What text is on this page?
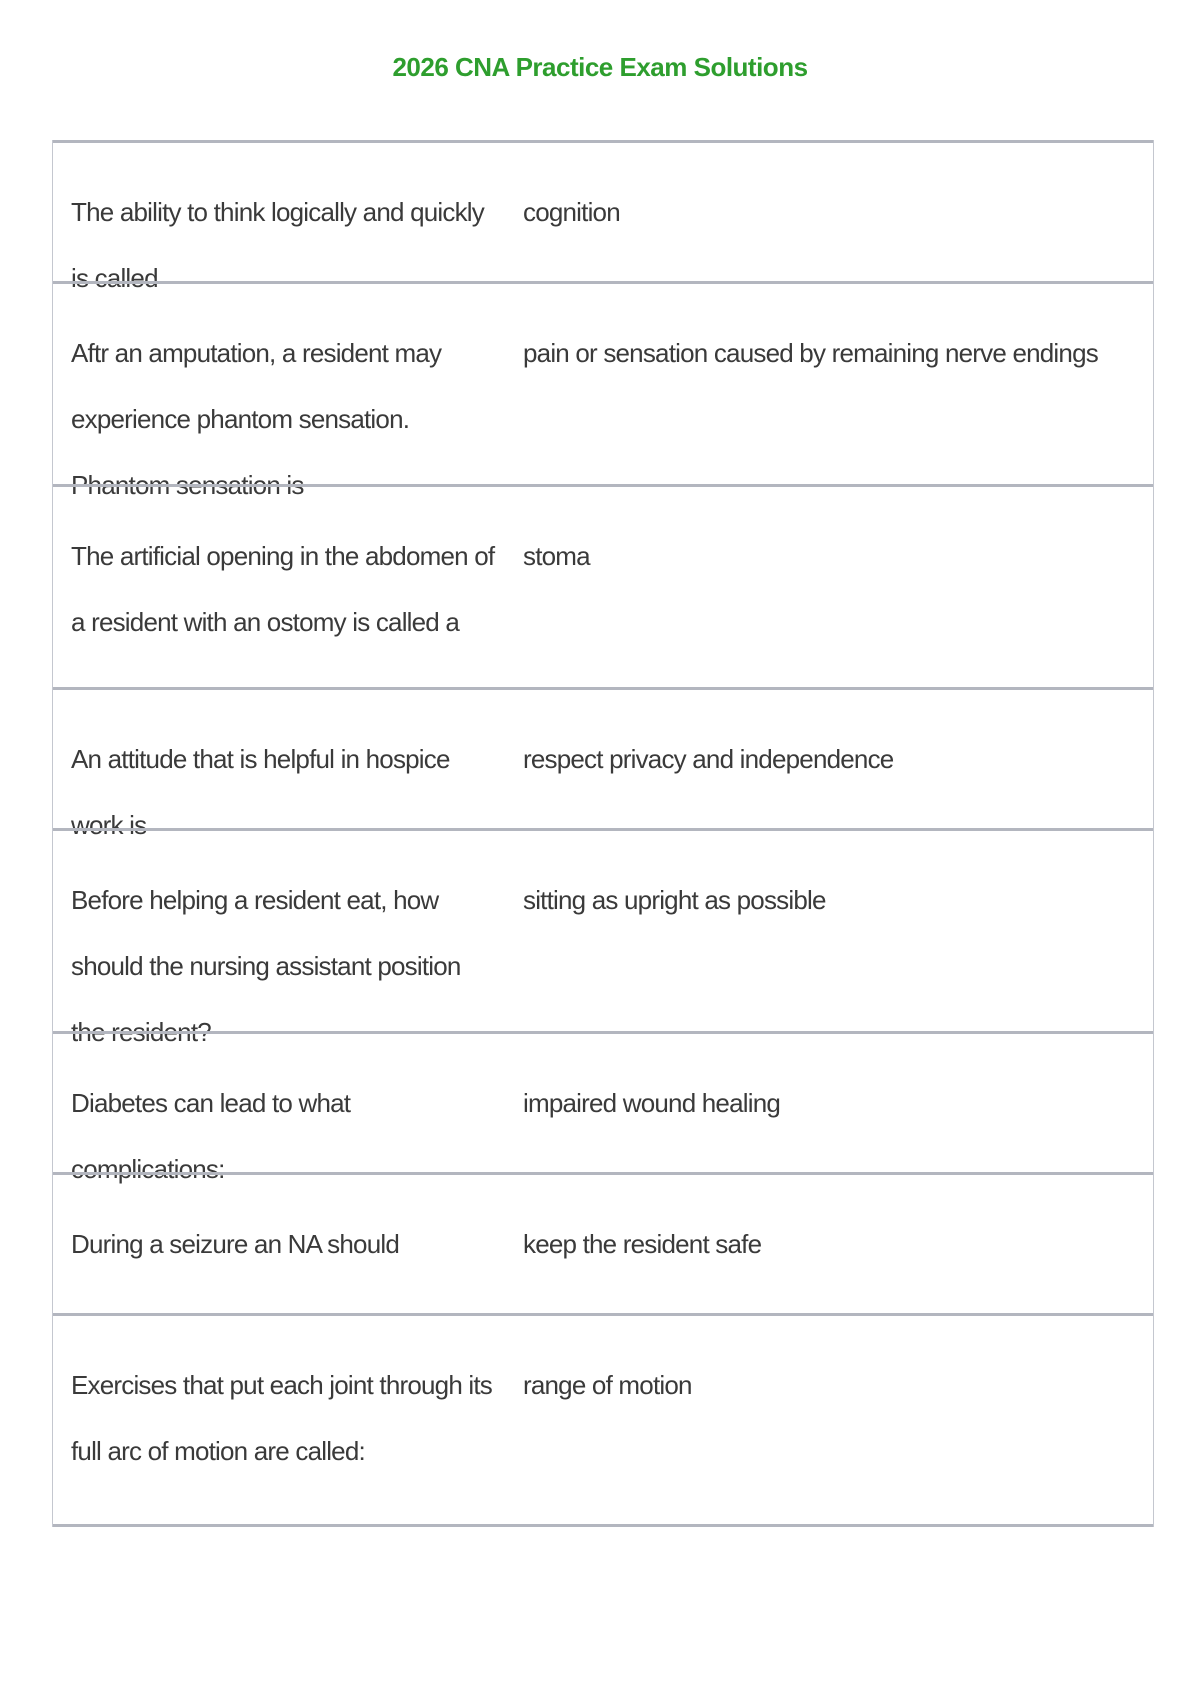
2026 CNA Practice Exam Solutions
The ability to think logically and quickly is called
cognition
Aftr an amputation, a resident may experience phantom sensation. Phantom sensation is
pain or sensation caused by remaining nerve endings
The artificial opening in the abdomen of a resident with an ostomy is called a
stoma
An attitude that is helpful in hospice work is
respect privacy and independence
Before helping a resident eat, how should the nursing assistant position the resident?
sitting as upright as possible
Diabetes can lead to what complications:
impaired wound healing
During a seizure an NA should	keep the resident safe
Exercises that put each joint through its full arc of motion are called:
range of motion
